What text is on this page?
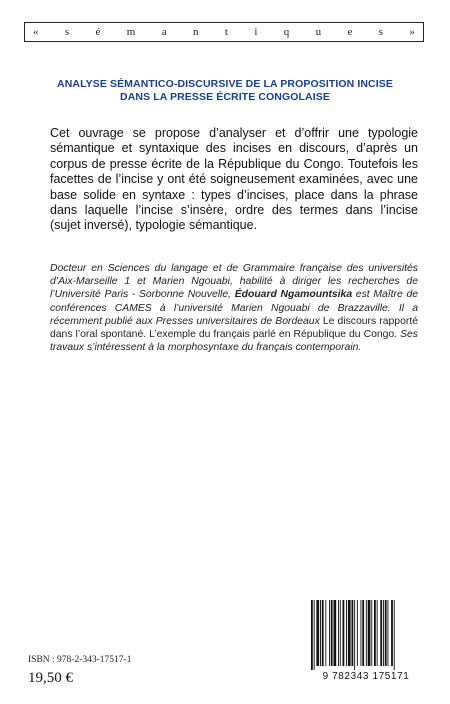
« s é m a n t i q u e s »
ANALYSE SÉMANTICO-DISCURSIVE DE LA PROPOSITION INCISE
DANS LA PRESSE ÉCRITE CONGOLAISE
Cet ouvrage se propose d’analyser et d’offrir une typologie sémantique et syntaxique des incises en discours, d’après un corpus de presse écrite de la République du Congo. Toutefois les facettes de l’incise y ont été soigneusement examinées, avec une base solide en syntaxe : types d’incises, place dans la phrase dans laquelle l’incise s’insère, ordre des termes dans l’incise (sujet inversé), typologie sémantique.
Docteur en Sciences du langage et de Grammaire française des universités d’Aix-Marseille 1 et Marien Ngouabi, habilité à diriger les recherches de l’Université Paris - Sorbonne Nouvelle, Édouard Ngamountsika est Maître de conférences CAMES à l’université Marien Ngouabi de Brazzaville. Il a récemment publié aux Presses universitaires de Bordeaux Le discours rapporté dans l’oral spontané. L’exemple du français parlé en République du Congo. Ses travaux s’intéressent à la morphosyntaxe du français contemporain.
ISBN : 978-2-343-17517-1
19,50 €	9 782343 175171
